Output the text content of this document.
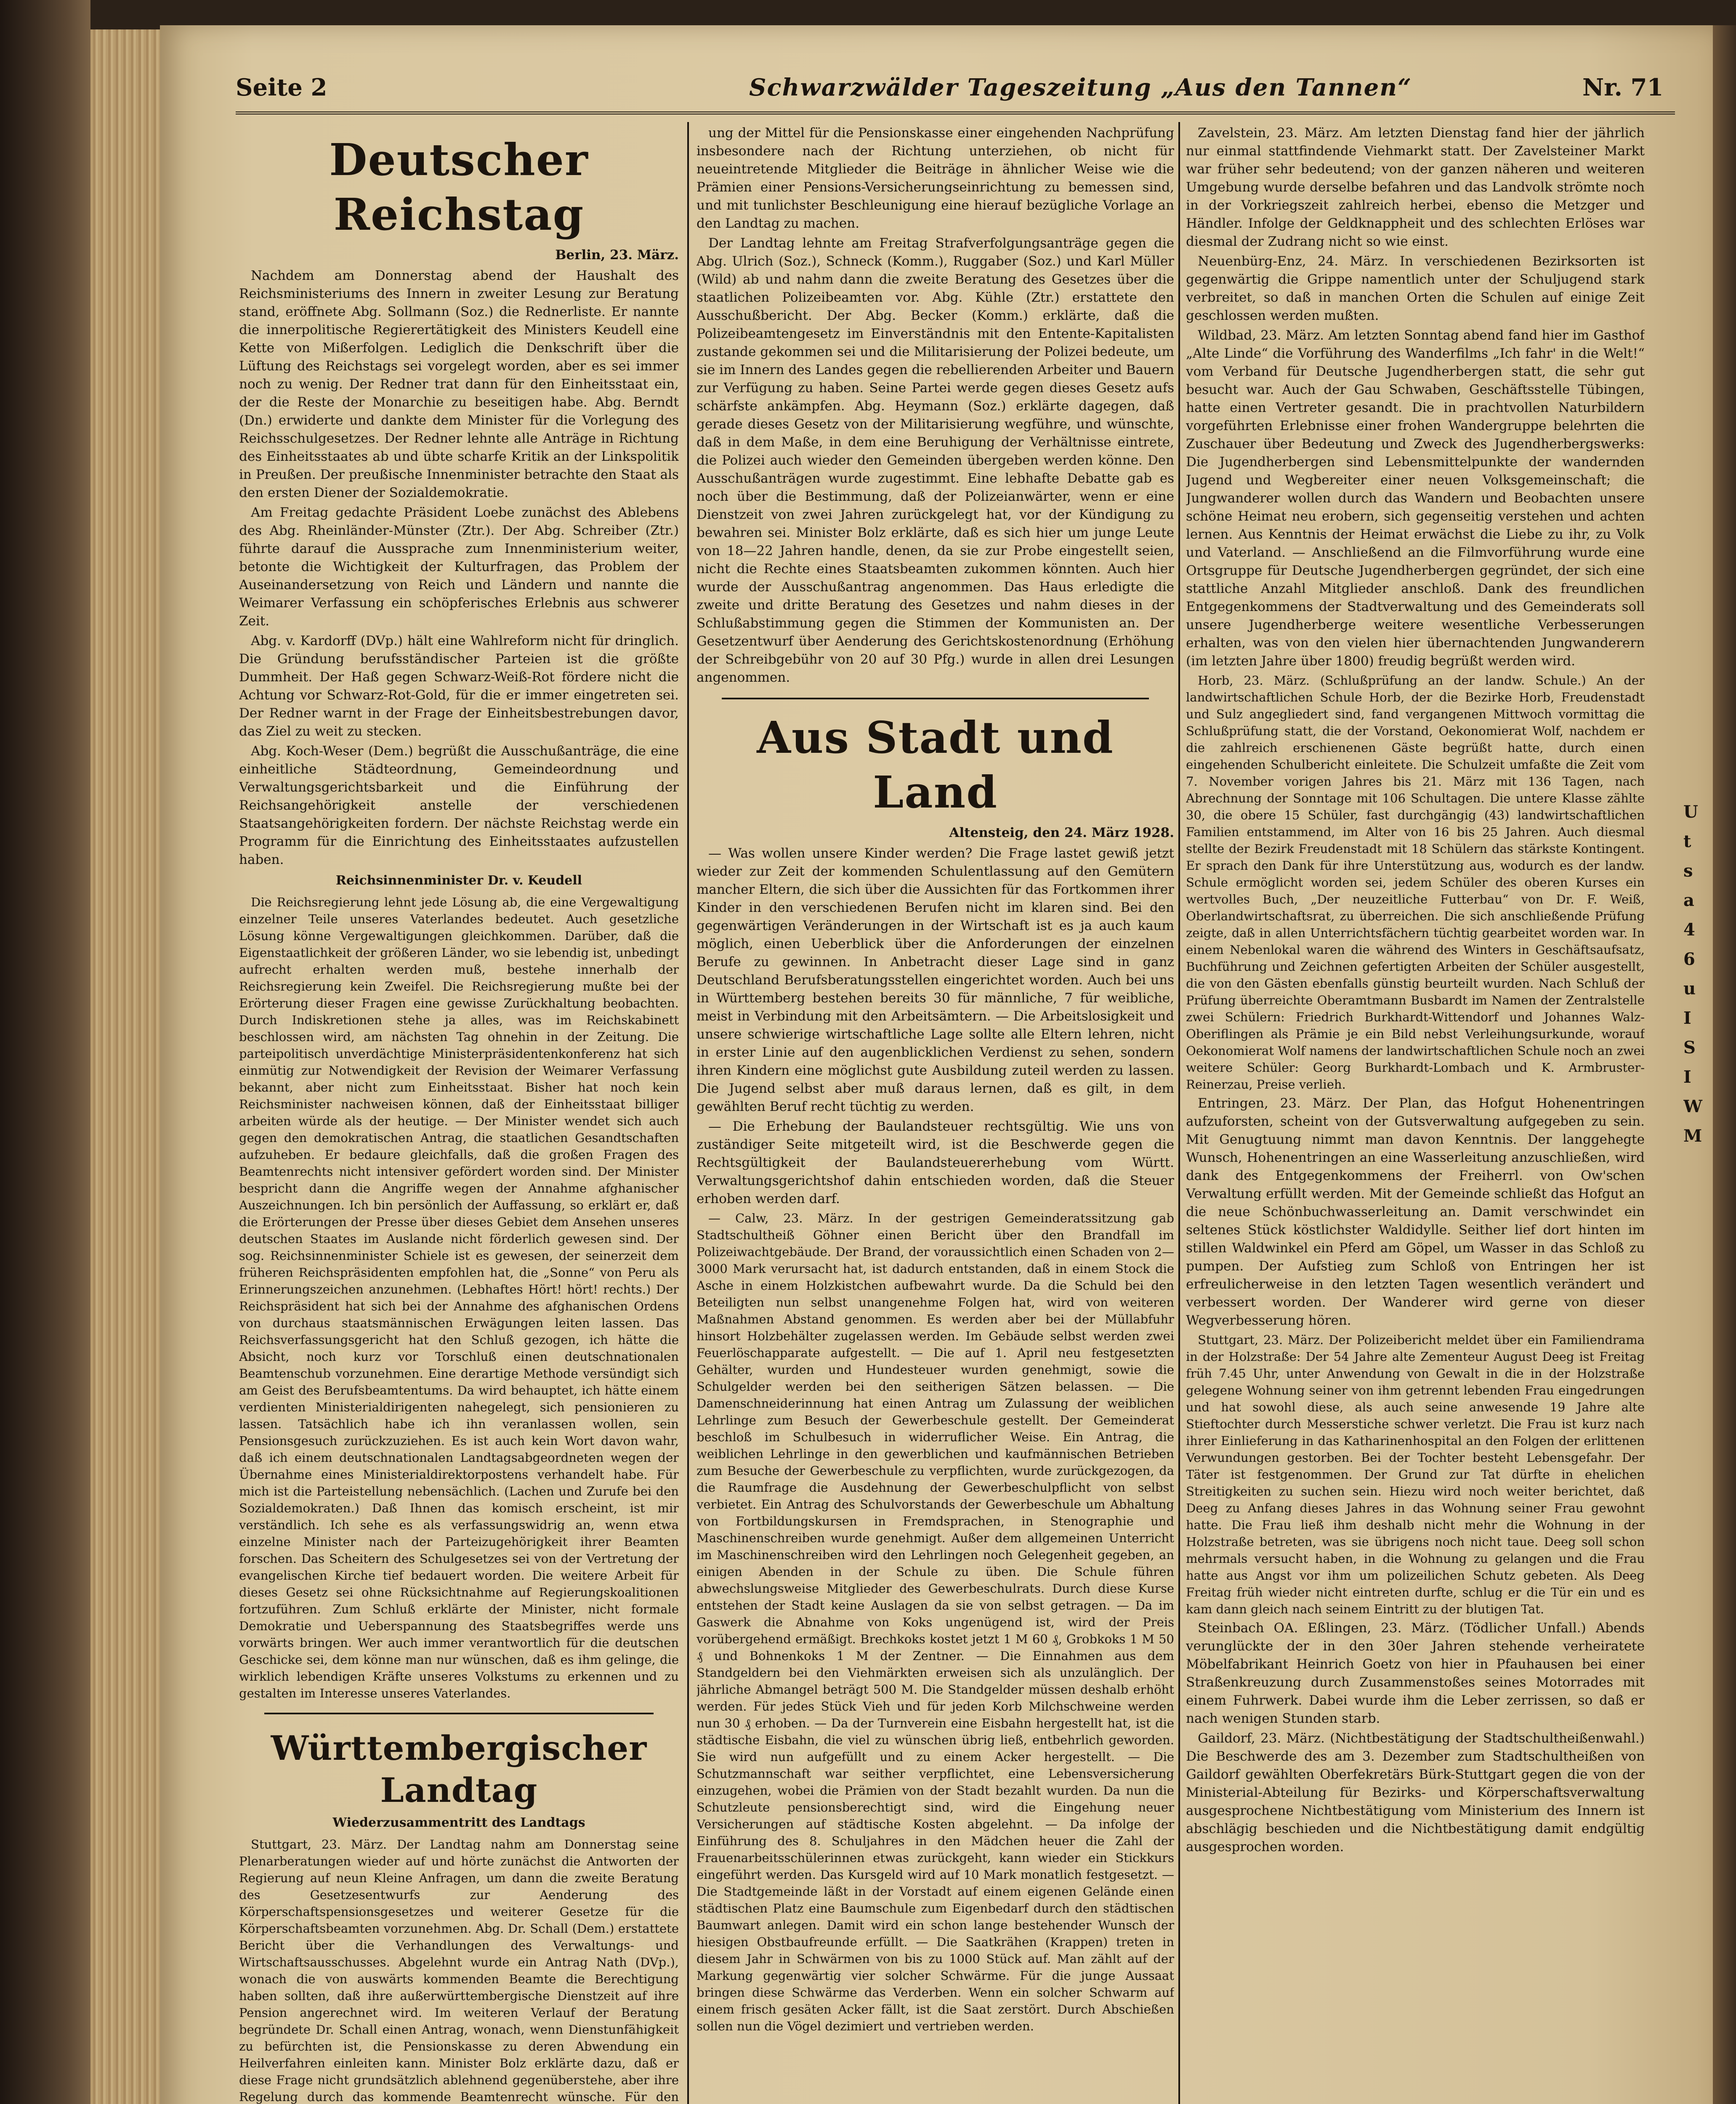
Seite 2	Schwarzwälder Tageszeitung „Aus den Tannen“	Nr. 71
Deutscher Reichstag
Berlin, 23. März.

Nachdem am Donnerstag abend der Haushalt des Reichsministeriums des Innern in zweiter Lesung zur Beratung stand, eröffnete Abg. Sollmann (Soz.) die Rednerliste. Er nannte die innerpolitische Regierertätigkeit des Ministers Keudell eine Kette von Mißerfolgen. Lediglich die Denkschrift über die Lüftung des Reichstags sei vorgelegt worden, aber es sei immer noch zu wenig. Der Redner trat dann für den Einheitsstaat ein, der die Reste der Monarchie zu beseitigen habe. Abg. Berndt (Dn.) erwiderte und dankte dem Minister für die Vorlegung des Reichsschulgesetzes. Der Redner lehnte alle Anträge in Richtung des Einheitsstaates ab und übte scharfe Kritik an der Linkspolitik in Preußen. Der preußische Innenminister betrachte den Staat als den ersten Diener der Sozialdemokratie.

Am Freitag gedachte Präsident Loebe zunächst des Ablebens des Abg. Rheinländer-Münster (Ztr.). Der Abg. Schreiber (Ztr.) führte darauf die Aussprache zum Innenministerium weiter, betonte die Wichtigkeit der Kulturfragen, das Problem der Auseinandersetzung von Reich und Ländern und nannte die Weimarer Verfassung ein schöpferisches Erlebnis aus schwerer Zeit.

Abg. v. Kardorff (DVp.) hält eine Wahlreform nicht für dringlich. Die Gründung berufsständischer Parteien ist die größte Dummheit. Der Haß gegen Schwarz-Weiß-Rot fördere nicht die Achtung vor Schwarz-Rot-Gold, für die er immer eingetreten sei. Der Redner warnt in der Frage der Einheitsbestrebungen davor, das Ziel zu weit zu stecken.

Abg. Koch-Weser (Dem.) begrüßt die Ausschußanträge, die eine einheitliche Städteordnung, Gemeindeordnung und Verwaltungsgerichtsbarkeit und die Einführung der Reichsangehörigkeit anstelle der verschiedenen Staatsangehörigkeiten fordern. Der nächste Reichstag werde ein Programm für die Einrichtung des Einheitsstaates aufzustellen haben.

Reichsinnenminister Dr. v. Keudell

Die Reichsregierung lehnt jede Lösung ab, die eine Vergewaltigung einzelner Teile unseres Vaterlandes bedeutet. Auch gesetzliche Lösung könne Vergewaltigungen gleichkommen. Darüber, daß die Eigenstaatlichkeit der größeren Länder, wo sie lebendig ist, unbedingt aufrecht erhalten werden muß, bestehe innerhalb der Reichsregierung kein Zweifel. Die Reichsregierung mußte bei der Erörterung dieser Fragen eine gewisse Zurückhaltung beobachten. Durch Indiskretionen stehe ja alles, was im Reichskabinett beschlossen wird, am nächsten Tag ohnehin in der Zeitung. Die parteipolitisch unverdächtige Ministerpräsidentenkonferenz hat sich einmütig zur Notwendigkeit der Revision der Weimarer Verfassung bekannt, aber nicht zum Einheitsstaat. Bisher hat noch kein Reichsminister nachweisen können, daß der Einheitsstaat billiger arbeiten würde als der heutige. — Der Minister wendet sich auch gegen den demokratischen Antrag, die staatlichen Gesandtschaften aufzuheben. Er bedaure gleichfalls, daß die großen Fragen des Beamtenrechts nicht intensiver gefördert worden sind. Der Minister bespricht dann die Angriffe wegen der Annahme afghanischer Auszeichnungen. Ich bin persönlich der Auffassung, so erklärt er, daß die Erörterungen der Presse über dieses Gebiet dem Ansehen unseres deutschen Staates im Auslande nicht förderlich gewesen sind. Der sog. Reichsinnenminister Schiele ist es gewesen, der seinerzeit dem früheren Reichspräsidenten empfohlen hat, die „Sonne“ von Peru als Erinnerungszeichen anzunehmen. (Lebhaftes Hört! hört! rechts.) Der Reichspräsident hat sich bei der Annahme des afghanischen Ordens von durchaus staatsmännischen Erwägungen leiten lassen. Das Reichsverfassungsgericht hat den Schluß gezogen, ich hätte die Absicht, noch kurz vor Torschluß einen deutschnationalen Beamtenschub vorzunehmen. Eine derartige Methode versündigt sich am Geist des Berufsbeamtentums. Da wird behauptet, ich hätte einem verdienten Ministerialdirigenten nahegelegt, sich pensionieren zu lassen. Tatsächlich habe ich ihn veranlassen wollen, sein Pensionsgesuch zurückzuziehen. Es ist auch kein Wort davon wahr, daß ich einem deutschnationalen Landtagsabgeordneten wegen der Übernahme eines Ministerialdirektorpostens verhandelt habe. Für mich ist die Parteistellung nebensächlich. (Lachen und Zurufe bei den Sozialdemokraten.) Daß Ihnen das komisch erscheint, ist mir verständlich. Ich sehe es als verfassungswidrig an, wenn etwa einzelne Minister nach der Parteizugehörigkeit ihrer Beamten forschen. Das Scheitern des Schulgesetzes sei von der Vertretung der evangelischen Kirche tief bedauert worden. Die weitere Arbeit für dieses Gesetz sei ohne Rücksichtnahme auf Regierungskoalitionen fortzuführen. Zum Schluß erklärte der Minister, nicht formale Demokratie und Ueberspannung des Staatsbegriffes werde uns vorwärts bringen. Wer auch immer verantwortlich für die deutschen Geschicke sei, dem könne man nur wünschen, daß es ihm gelinge, die wirklich lebendigen Kräfte unseres Volkstums zu erkennen und zu gestalten im Interesse unseres Vaterlandes.

Württembergischer Landtag
Wiederzusammentritt des Landtags

Stuttgart, 23. März. Der Landtag nahm am Donnerstag seine Plenarberatungen wieder auf und hörte zunächst die Antworten der Regierung auf neun Kleine Anfragen, um dann die zweite Beratung des Gesetzesentwurfs zur Aenderung des Körperschaftspensionsgesetzes und weiterer Gesetze für die Körperschaftsbeamten vorzunehmen. Abg. Dr. Schall (Dem.) erstattete Bericht über die Verhandlungen des Verwaltungs- und Wirtschaftsausschusses. Abgelehnt wurde ein Antrag Nath (DVp.), wonach die von auswärts kommenden Beamte die Berechtigung haben sollten, daß ihre außerwürttembergische Dienstzeit auf ihre Pension angerechnet wird. Im weiteren Verlauf der Beratung begründete Dr. Schall einen Antrag, wonach, wenn Dienstunfähigkeit zu befürchten ist, die Pensionskasse zu deren Abwendung ein Heilverfahren einleiten kann. Minister Bolz erklärte dazu, daß er diese Frage nicht grundsätzlich ablehnend gegenüberstehe, aber ihre Regelung durch das kommende Beamtenrecht wünsche. Für den

ung der Mittel für die Pensionskasse einer eingehenden Nachprüfung insbesondere nach der Richtung unterziehen, ob nicht für neueintretende Mitglieder die Beiträge in ähnlicher Weise wie die Prämien einer Pensions-Versicherungseinrichtung zu bemessen sind, und mit tunlichster Beschleunigung eine hierauf bezügliche Vorlage an den Landtag zu machen.

Der Landtag lehnte am Freitag Strafverfolgungsanträge gegen die Abg. Ulrich (Soz.), Schneck (Komm.), Ruggaber (Soz.) und Karl Müller (Wild) ab und nahm dann die zweite Beratung des Gesetzes über die staatlichen Polizeibeamten vor. Abg. Kühle (Ztr.) erstattete den Ausschußbericht. Der Abg. Becker (Komm.) erklärte, daß die Polizeibeamtengesetz im Einverständnis mit den Entente-Kapitalisten zustande gekommen sei und die Militarisierung der Polizei bedeute, um sie im Innern des Landes gegen die rebellierenden Arbeiter und Bauern zur Verfügung zu haben. Seine Partei werde gegen dieses Gesetz aufs schärfste ankämpfen. Abg. Heymann (Soz.) erklärte dagegen, daß gerade dieses Gesetz von der Militarisierung wegführe, und wünschte, daß in dem Maße, in dem eine Beruhigung der Verhältnisse eintrete, die Polizei auch wieder den Gemeinden übergeben werden könne. Den Ausschußanträgen wurde zugestimmt. Eine lebhafte Debatte gab es noch über die Bestimmung, daß der Polizeianwärter, wenn er eine Dienstzeit von zwei Jahren zurückgelegt hat, vor der Kündigung zu bewahren sei. Minister Bolz erklärte, daß es sich hier um junge Leute von 18—22 Jahren handle, denen, da sie zur Probe eingestellt seien, nicht die Rechte eines Staatsbeamten zukommen könnten. Auch hier wurde der Ausschußantrag angenommen. Das Haus erledigte die zweite und dritte Beratung des Gesetzes und nahm dieses in der Schlußabstimmung gegen die Stimmen der Kommunisten an. Der Gesetzentwurf über Aenderung des Gerichtskostenordnung (Erhöhung der Schreibgebühr von 20 auf 30 Pfg.) wurde in allen drei Lesungen angenommen.

Aus Stadt und Land
Altensteig, den 24. März 1928.

— Was wollen unsere Kinder werden? Die Frage lastet gewiß jetzt wieder zur Zeit der kommenden Schulentlassung auf den Gemütern mancher Eltern, die sich über die Aussichten für das Fortkommen ihrer Kinder in den verschiedenen Berufen nicht im klaren sind. Bei den gegenwärtigen Veränderungen in der Wirtschaft ist es ja auch kaum möglich, einen Ueberblick über die Anforderungen der einzelnen Berufe zu gewinnen. In Anbetracht dieser Lage sind in ganz Deutschland Berufsberatungsstellen eingerichtet worden. Auch bei uns in Württemberg bestehen bereits 30 für männliche, 7 für weibliche, meist in Verbindung mit den Arbeitsämtern. — Die Arbeitslosigkeit und unsere schwierige wirtschaftliche Lage sollte alle Eltern lehren, nicht in erster Linie auf den augenblicklichen Verdienst zu sehen, sondern ihren Kindern eine möglichst gute Ausbildung zuteil werden zu lassen. Die Jugend selbst aber muß daraus lernen, daß es gilt, in dem gewählten Beruf recht tüchtig zu werden.

— Die Erhebung der Baulandsteuer rechtsgültig. Wie uns von zuständiger Seite mitgeteilt wird, ist die Beschwerde gegen die Rechtsgültigkeit der Baulandsteuererhebung vom Württ. Verwaltungsgerichtshof dahin entschieden worden, daß die Steuer erhoben werden darf.

— Calw, 23. März. In der gestrigen Gemeinderatssitzung gab Stadtschultheiß Göhner einen Bericht über den Brandfall im Polizeiwachtgebäude. Der Brand, der voraussichtlich einen Schaden von 2—3000 Mark verursacht hat, ist dadurch entstanden, daß in einem Stock die Asche in einem Holzkistchen aufbewahrt wurde. Da die Schuld bei den Beteiligten nun selbst unangenehme Folgen hat, wird von weiteren Maßnahmen Abstand genommen. Es werden aber bei der Müllabfuhr hinsort Holzbehälter zugelassen werden. Im Gebäude selbst werden zwei Feuerlöschapparate aufgestellt. — Die auf 1. April neu festgesetzten Gehälter, wurden und Hundesteuer wurden genehmigt, sowie die Schulgelder werden bei den seitherigen Sätzen belassen. — Die Damenschneiderinnung hat einen Antrag um Zulassung der weiblichen Lehrlinge zum Besuch der Gewerbeschule gestellt. Der Gemeinderat beschloß im Schulbesuch in widerruflicher Weise. Ein Antrag, die weiblichen Lehrlinge in den gewerblichen und kaufmännischen Betrieben zum Besuche der Gewerbeschule zu verpflichten, wurde zurückgezogen, da die Raumfrage die Ausdehnung der Gewerbeschulpflicht von selbst verbietet. Ein Antrag des Schulvorstands der Gewerbeschule um Abhaltung von Fortbildungskursen in Fremdsprachen, in Stenographie und Maschinenschreiben wurde genehmigt. Außer dem allgemeinen Unterricht im Maschinenschreiben wird den Lehrlingen noch Gelegenheit gegeben, an einigen Abenden in der Schule zu üben. Die Schule führen abwechslungsweise Mitglieder des Gewerbeschulrats. Durch diese Kurse entstehen der Stadt keine Auslagen da sie von selbst getragen. — Da im Gaswerk die Abnahme von Koks ungenügend ist, wird der Preis vorübergehend ermäßigt. Brechkoks kostet jetzt 1 M 60 ₰, Grobkoks 1 M 50 ₰ und Bohnenkoks 1 M der Zentner. — Die Einnahmen aus dem Standgeldern bei den Viehmärkten erweisen sich als unzulänglich. Der jährliche Abmangel beträgt 500 M. Die Standgelder müssen deshalb erhöht werden. Für jedes Stück Vieh und für jeden Korb Milchschweine werden nun 30 ₰ erhoben. — Da der Turnverein eine Eisbahn hergestellt hat, ist die städtische Eisbahn, die viel zu wünschen übrig ließ, entbehrlich geworden. Sie wird nun aufgefüllt und zu einem Acker hergestellt. — Die Schutzmannschaft war seither verpflichtet, eine Lebensversicherung einzugehen, wobei die Prämien von der Stadt bezahlt wurden. Da nun die Schutzleute pensionsberechtigt sind, wird die Eingehung neuer Versicherungen auf städtische Kosten abgelehnt. — Da infolge der Einführung des 8. Schuljahres in den Mädchen heuer die Zahl der Frauenarbeitsschülerinnen etwas zurückgeht, kann wieder ein Stickkurs eingeführt werden. Das Kursgeld wird auf 10 Mark monatlich festgesetzt. — Die Stadtgemeinde läßt in der Vorstadt auf einem eigenen Gelände einen städtischen Platz eine Baumschule zum Eigenbedarf durch den städtischen Baumwart anlegen. Damit wird ein schon lange bestehender Wunsch der hiesigen Obstbaufreunde erfüllt. — Die Saatkrähen (Krappen) treten in diesem Jahr in Schwärmen von bis zu 1000 Stück auf. Man zählt auf der Markung gegenwärtig vier solcher Schwärme. Für die junge Aussaat bringen diese Schwärme das Verderben. Wenn ein solcher Schwarm auf einem frisch gesäten Acker fällt, ist die Saat zerstört. Durch Abschießen sollen nun die Vögel dezimiert und vertrieben werden.

Zavelstein, 23. März. Am letzten Dienstag fand hier der jährlich nur einmal stattfindende Viehmarkt statt. Der Zavelsteiner Markt war früher sehr bedeutend; von der ganzen näheren und weiteren Umgebung wurde derselbe befahren und das Landvolk strömte noch in der Vorkriegszeit zahlreich herbei, ebenso die Metzger und Händler. Infolge der Geldknappheit und des schlechten Erlöses war diesmal der Zudrang nicht so wie einst.

Neuenbürg-Enz, 24. März. In verschiedenen Bezirksorten ist gegenwärtig die Grippe namentlich unter der Schuljugend stark verbreitet, so daß in manchen Orten die Schulen auf einige Zeit geschlossen werden mußten.

Wildbad, 23. März. Am letzten Sonntag abend fand hier im Gasthof „Alte Linde“ die Vorführung des Wanderfilms „Ich fahr' in die Welt!“ vom Verband für Deutsche Jugendherbergen statt, die sehr gut besucht war. Auch der Gau Schwaben, Geschäftsstelle Tübingen, hatte einen Vertreter gesandt. Die in prachtvollen Naturbildern vorgeführten Erlebnisse einer frohen Wandergruppe belehrten die Zuschauer über Bedeutung und Zweck des Jugendherbergswerks: Die Jugendherbergen sind Lebensmittelpunkte der wandernden Jugend und Wegbereiter einer neuen Volksgemeinschaft; die Jungwanderer wollen durch das Wandern und Beobachten unsere schöne Heimat neu erobern, sich gegenseitig verstehen und achten lernen. Aus Kenntnis der Heimat erwächst die Liebe zu ihr, zu Volk und Vaterland. — Anschließend an die Filmvorführung wurde eine Ortsgruppe für Deutsche Jugendherbergen gegründet, der sich eine stattliche Anzahl Mitglieder anschloß. Dank des freundlichen Entgegenkommens der Stadtverwaltung und des Gemeinderats soll unsere Jugendherberge weitere wesentliche Verbesserungen erhalten, was von den vielen hier übernachtenden Jungwanderern (im letzten Jahre über 1800) freudig begrüßt werden wird.

Horb, 23. März. (Schlußprüfung an der landw. Schule.) An der landwirtschaftlichen Schule Horb, der die Bezirke Horb, Freudenstadt und Sulz angegliedert sind, fand vergangenen Mittwoch vormittag die Schlußprüfung statt, die der Vorstand, Oekonomierat Wolf, nachdem er die zahlreich erschienenen Gäste begrüßt hatte, durch einen eingehenden Schulbericht einleitete. Die Schulzeit umfaßte die Zeit vom 7. November vorigen Jahres bis 21. März mit 136 Tagen, nach Abrechnung der Sonntage mit 106 Schultagen. Die untere Klasse zählte 30, die obere 15 Schüler, fast durchgängig (43) landwirtschaftlichen Familien entstammend, im Alter von 16 bis 25 Jahren. Auch diesmal stellte der Bezirk Freudenstadt mit 18 Schülern das stärkste Kontingent. Er sprach den Dank für ihre Unterstützung aus, wodurch es der landw. Schule ermöglicht worden sei, jedem Schüler des oberen Kurses ein wertvolles Buch, „Der neuzeitliche Futterbau“ von Dr. F. Weiß, Oberlandwirtschaftsrat, zu überreichen. Die sich anschließende Prüfung zeigte, daß in allen Unterrichtsfächern tüchtig gearbeitet worden war. In einem Nebenlokal waren die während des Winters in Geschäftsaufsatz, Buchführung und Zeichnen gefertigten Arbeiten der Schüler ausgestellt, die von den Gästen ebenfalls günstig beurteilt wurden. Nach Schluß der Prüfung überreichte Oberamtmann Busbardt im Namen der Zentralstelle zwei Schülern: Friedrich Burkhardt-Wittendorf und Johannes Walz-Oberiflingen als Prämie je ein Bild nebst Verleihungsurkunde, worauf Oekonomierat Wolf namens der landwirtschaftlichen Schule noch an zwei weitere Schüler: Georg Burkhardt-Lombach und K. Armbruster-Reinerzau, Preise verlieh.

Entringen, 23. März. Der Plan, das Hofgut Hohenentringen aufzuforsten, scheint von der Gutsverwaltung aufgegeben zu sein. Mit Genugtuung nimmt man davon Kenntnis. Der langgehegte Wunsch, Hohenentringen an eine Wasserleitung anzuschließen, wird dank des Entgegenkommens der Freiherrl. von Ow'schen Verwaltung erfüllt werden. Mit der Gemeinde schließt das Hofgut an die neue Schönbuchwasserleitung an. Damit verschwindet ein seltenes Stück köstlichster Waldidylle. Seither lief dort hinten im stillen Waldwinkel ein Pferd am Göpel, um Wasser in das Schloß zu pumpen. Der Aufstieg zum Schloß von Entringen her ist erfreulicherweise in den letzten Tagen wesentlich verändert und verbessert worden. Der Wanderer wird gerne von dieser Wegverbesserung hören.

Stuttgart, 23. März. Der Polizeibericht meldet über ein Familiendrama in der Holzstraße: Der 54 Jahre alte Zementeur August Deeg ist Freitag früh 7.45 Uhr, unter Anwendung von Gewalt in die in der Holzstraße gelegene Wohnung seiner von ihm getrennt lebenden Frau eingedrungen und hat sowohl diese, als auch seine anwesende 19 Jahre alte Stieftochter durch Messerstiche schwer verletzt. Die Frau ist kurz nach ihrer Einlieferung in das Katharinenhospital an den Folgen der erlittenen Verwundungen gestorben. Bei der Tochter besteht Lebensgefahr. Der Täter ist festgenommen. Der Grund zur Tat dürfte in ehelichen Streitigkeiten zu suchen sein. Hiezu wird noch weiter berichtet, daß Deeg zu Anfang dieses Jahres in das Wohnung seiner Frau gewohnt hatte. Die Frau ließ ihm deshalb nicht mehr die Wohnung in der Holzstraße betreten, was sie übrigens noch nicht taue. Deeg soll schon mehrmals versucht haben, in die Wohnung zu gelangen und die Frau hatte aus Angst vor ihm um polizeilichen Schutz gebeten. Als Deeg Freitag früh wieder nicht eintreten durfte, schlug er die Tür ein und es kam dann gleich nach seinem Eintritt zu der blutigen Tat.

Steinbach OA. Eßlingen, 23. März. (Tödlicher Unfall.) Abends verunglückte der in den 30er Jahren stehende verheiratete Möbelfabrikant Heinrich Goetz von hier in Pfauhausen bei einer Straßenkreuzung durch Zusammenstoßes seines Motorrades mit einem Fuhrwerk. Dabei wurde ihm die Leber zerrissen, so daß er nach wenigen Stunden starb.

Gaildorf, 23. März. (Nichtbestätigung der Stadtschultheißenwahl.) Die Beschwerde des am 3. Dezember zum Stadtschultheißen von Gaildorf gewählten Oberfekretärs Bürk-Stuttgart gegen die von der Ministerial-Abteilung für Bezirks- und Körperschaftsverwaltung ausgesprochene Nichtbestätigung vom Ministerium des Innern ist abschlägig beschieden und die Nichtbestätigung damit endgültig ausgesprochen worden.

U
t
s
a
4
6
u
I
S
I
W
M
